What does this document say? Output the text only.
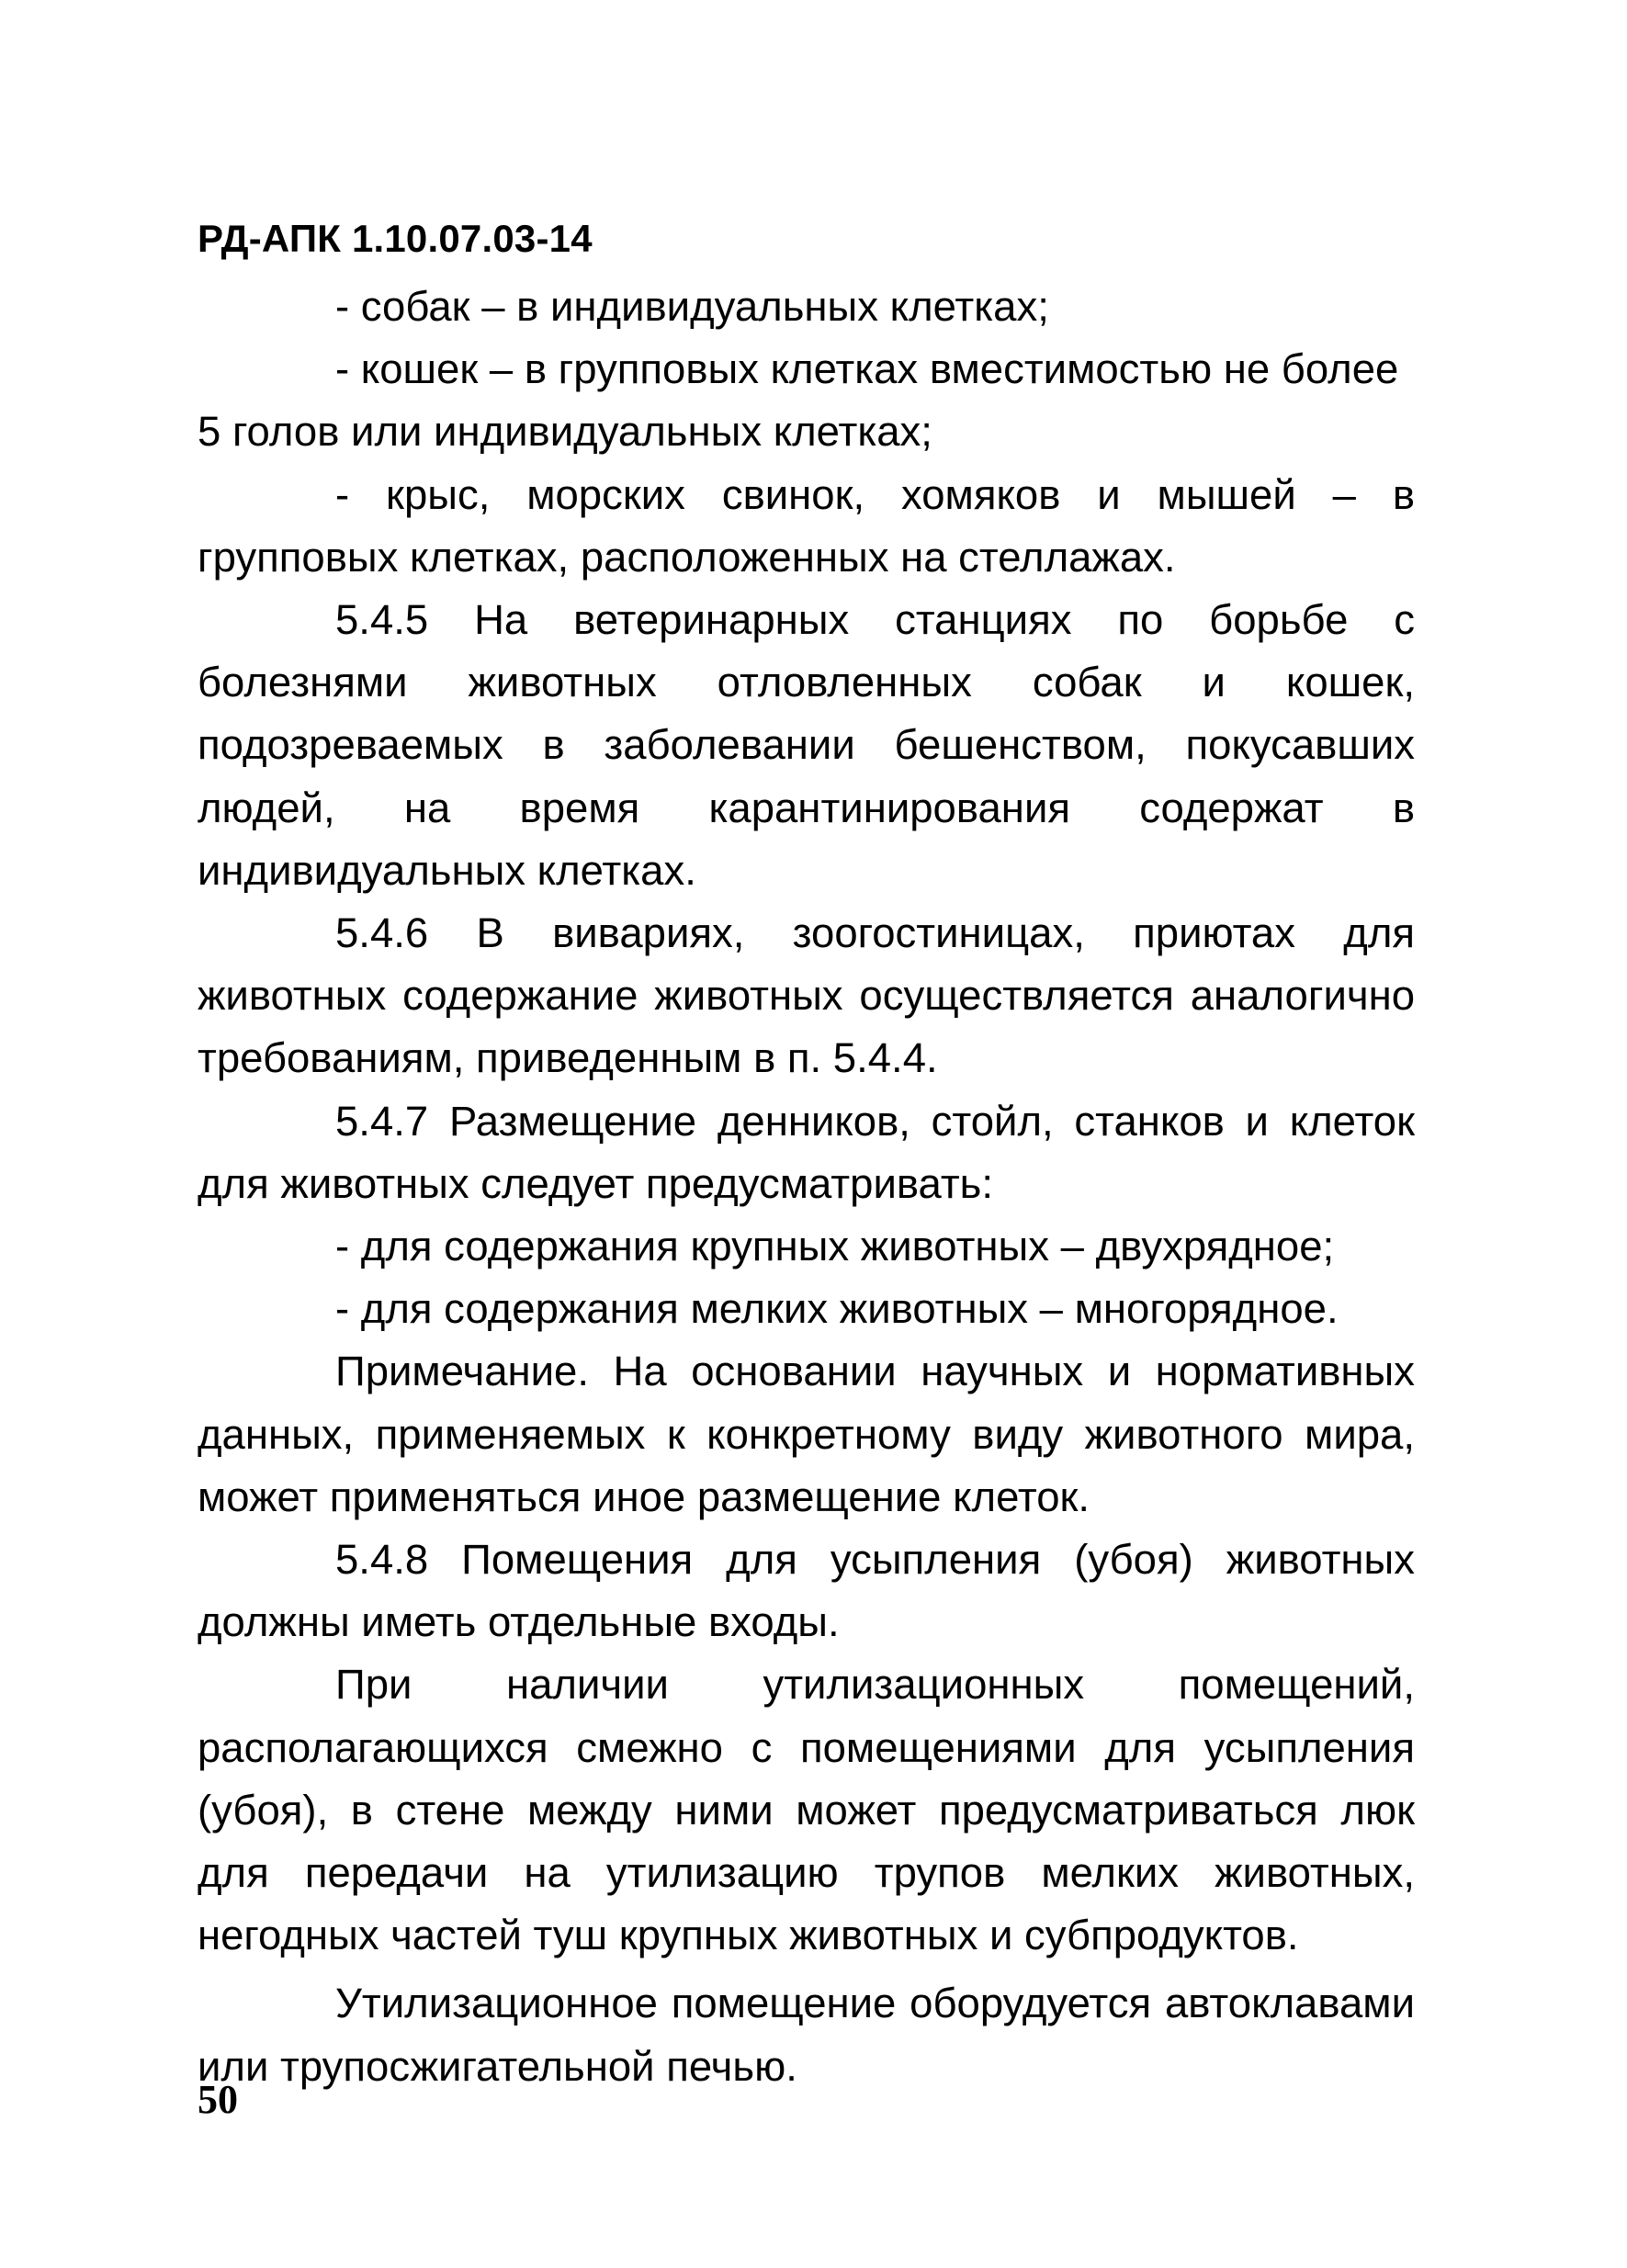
РД-АПК 1.10.07.03-14

- собак – в индивидуальных клетках;

- кошек – в групповых клетках вместимостью не более 5 голов или индивидуальных клетках;

- крыс, морских свинок, хомяков и мышей – в групповых клетках, расположенных на стеллажах.

5.4.5 На ветеринарных станциях по борьбе с болезнями животных отловленных собак и кошек, подозреваемых в заболевании бешенством, покусавших людей, на время карантинирования содержат в индивидуальных клетках.

5.4.6 В вивариях, зоогостиницах, приютах для животных содержание животных осуществляется аналогично требованиям, приведенным в п. 5.4.4.

5.4.7 Размещение денников, стойл, станков и клеток для животных следует предусматривать:

- для содержания крупных животных – двухрядное;

- для содержания мелких животных – многорядное.

Примечание. На основании научных и нормативных данных, применяемых к конкретному виду животного мира, может применяться иное размещение клеток.

5.4.8 Помещения для усыпления (убоя) животных должны иметь отдельные входы.

При наличии утилизационных помещений, располагающихся смежно с помещениями для усыпления (убоя), в стене между ними может предусматриваться люк для передачи на утилизацию трупов мелких животных, негодных частей туш крупных животных и субпродуктов.

Утилизационное помещение оборудуется автоклавами или трупосжигательной печью.

50
